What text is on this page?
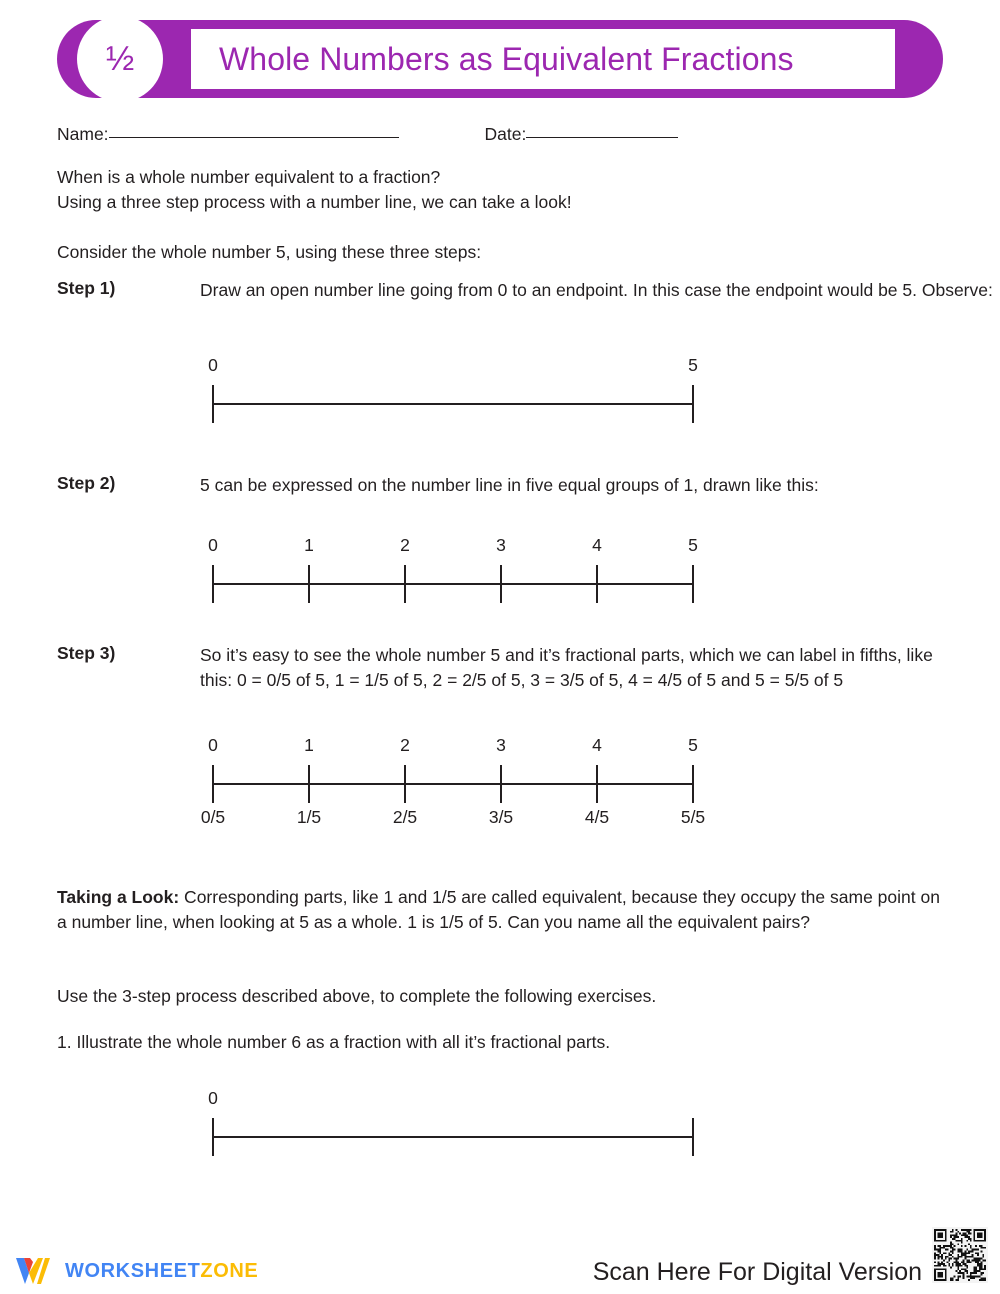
Whole Numbers as Equivalent Fractions
½
Name:	Date:
When is a whole number equivalent to a fraction?
Using a three step process with a number line, we can take a look!
Consider the whole number 5, using these three steps:
Step 1)	Draw an open number line going from 0 to an endpoint. In this case the endpoint would be 5. Observe:
0	5
Step 2)	5 can be expressed on the number line in five equal groups of 1, drawn like this:
0	1	2	3	4	5
Step 3)	So it’s easy to see the whole number 5 and it’s fractional parts, which we can label in fifths, like this: 0 = 0/5 of 5, 1 = 1/5 of 5, 2 = 2/5 of 5, 3 = 3/5 of 5, 4 = 4/5 of 5 and 5 = 5/5 of 5
0
0/5
1
1/5
2
2/5
3
3/5
4
4/5
5
5/5
Taking a Look: Corresponding parts, like 1 and 1/5 are called equivalent, because they occupy the same point on a number line, when looking at 5 as a whole. 1 is 1/5 of 5. Can you name all the equivalent pairs?
Use the 3-step process described above, to complete the following exercises.
1. Illustrate the whole number 6 as a fraction with all it’s fractional parts.
0
WORKSHEETZONE	Scan Here For Digital Version
